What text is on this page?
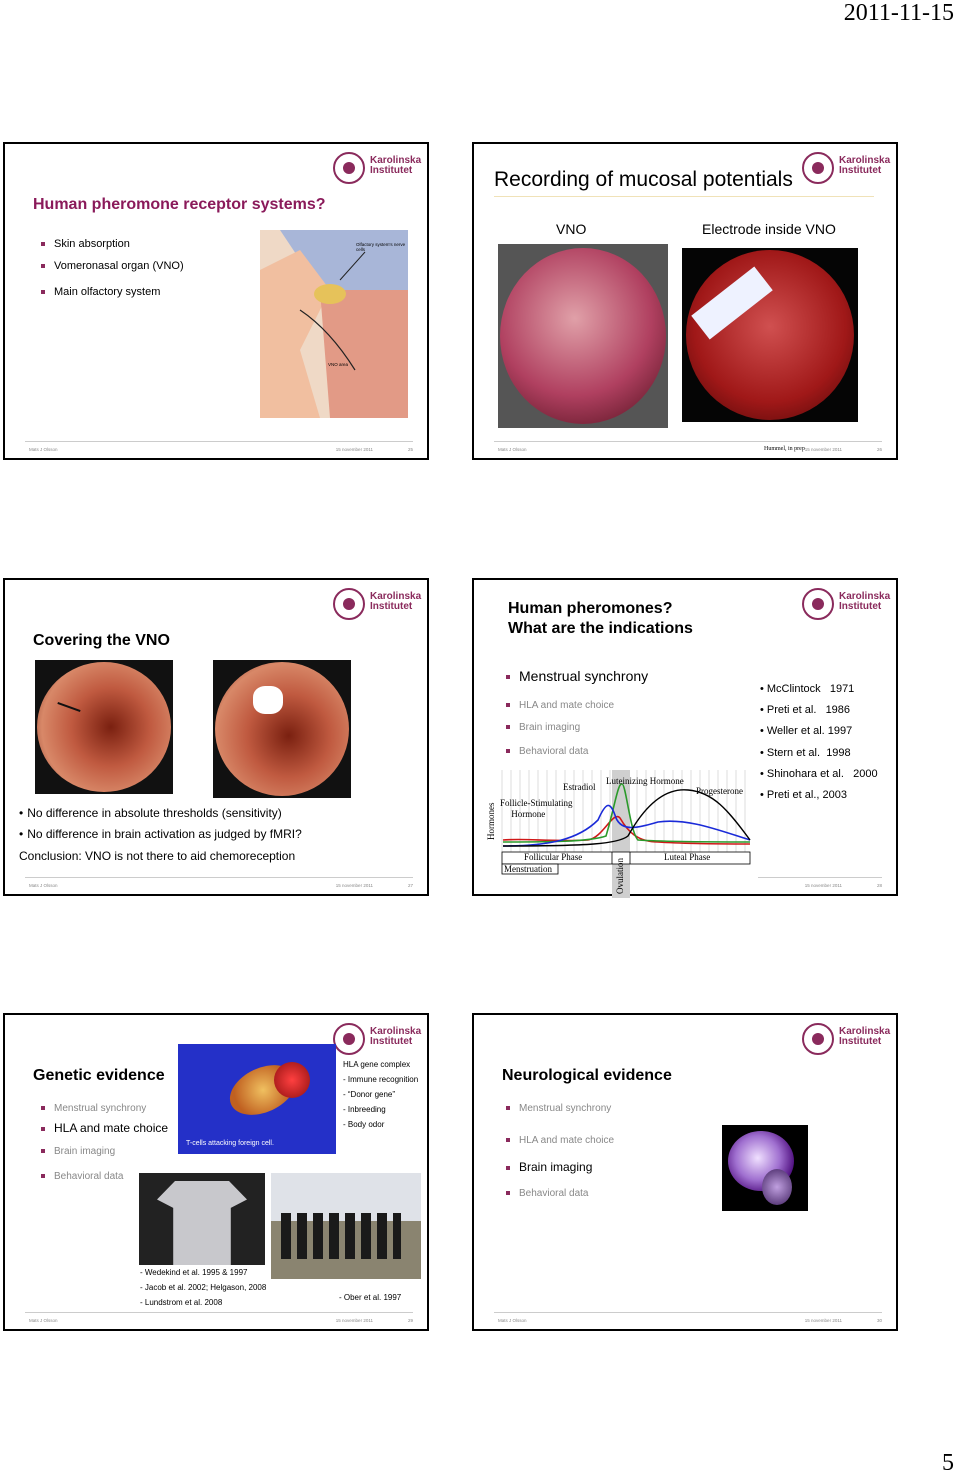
2011-11-15
Karolinska
Institutet
Human pheromone receptor systems?
Skin absorption
Vomeronasal organ (VNO)
Main olfactory system
Olfactory system's nerve cells
VNO area
Mats J Olsson	15 november 2011	25
Karolinska
Institutet
Recording of mucosal potentials
VNO	Electrode inside VNO
Hummel, in prep
Mats J Olsson	15 november 2011	26
Karolinska
Institutet
Covering the VNO
• No difference in absolute thresholds (sensitivity)
• No difference in brain activation as judged by fMRI?
Conclusion: VNO is not there to aid chemoreception
Mats J Olsson	15 november 2011	27
Karolinska
Institutet
Human pheromones?
What are the indications
Menstrual synchrony
HLA and mate choice
Brain imaging
Behavioral data
• McClintock 1971
• Preti et al. 1986
• Weller et al. 1997
• Stern et al. 1998
• Shinohara et al. 2000
• Preti et al., 2003
Hormones
Estradiol
Luteinizing Hormone
Progesterone
Follicle-Stimulating
Hormone
Follicular Phase
Menstruation
Luteal Phase
Ovulation	15 november 2011	28
Karolinska
Institutet
Genetic evidence
Menstrual synchrony
HLA and mate choice
Brain imaging
Behavioral data
T-cells attacking foreign cell.
HLA gene complex
- Immune recognition
- “Donor gene”
- Inbreeding
- Body odor
- Wedekind et al. 1995 & 1997
- Jacob et al. 2002; Helgason, 2008
- Lundstrom et al. 2008
- Ober et al. 1997
Mats J Olsson	15 november 2011	29
Karolinska
Institutet
Neurological evidence
Menstrual synchrony
HLA and mate choice
Brain imaging
Behavioral data
Mats J Olsson	15 november 2011	30
5
